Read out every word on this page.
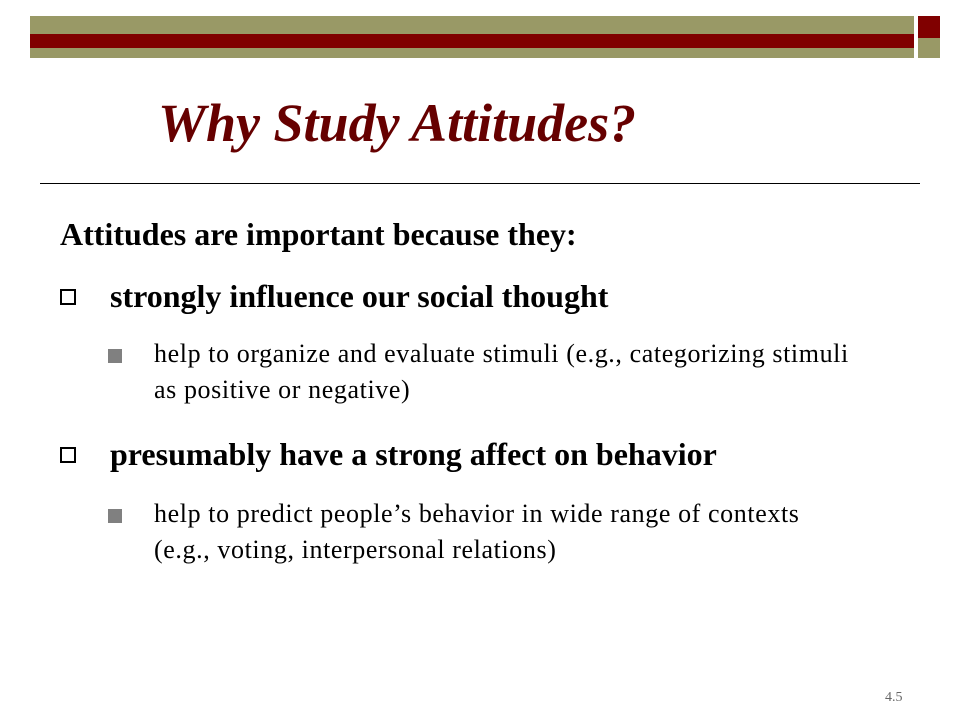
Why Study Attitudes?
Attitudes are important because they:
strongly influence our social thought
help to organize and evaluate stimuli (e.g., categorizing stimuli as positive or negative)
presumably have a strong affect on behavior
help to predict people’s behavior in wide range of contexts (e.g., voting, interpersonal relations)
4.5
